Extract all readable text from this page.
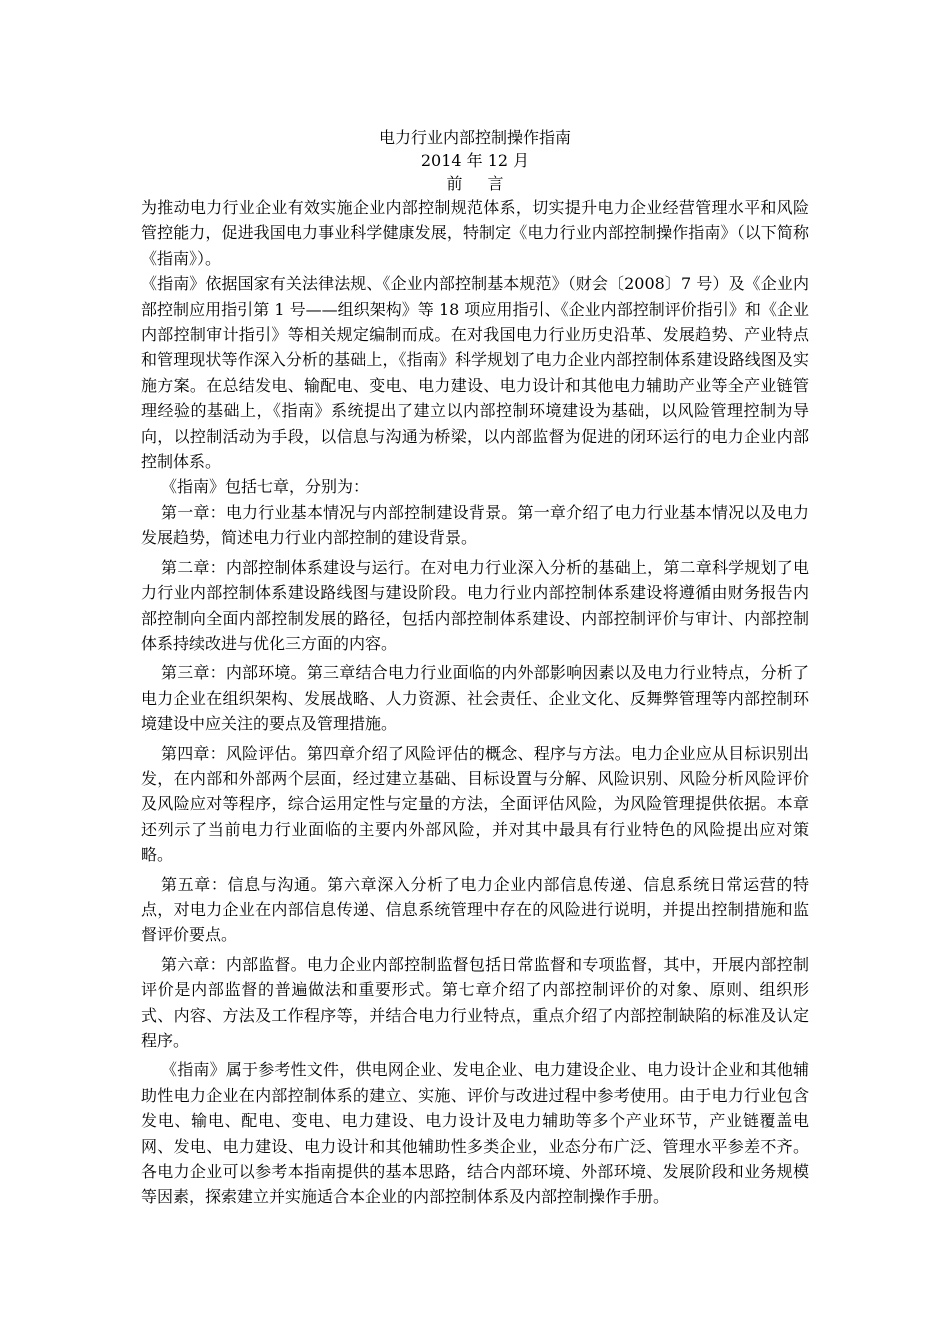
电力行业内部控制操作指南

2014 年 12 月

前 言

为推动电力行业企业有效实施企业内部控制规范体系，切实提升电力企业经营管理水平和风险管控能力，促进我国电力事业科学健康发展，特制定《电力行业内部控制操作指南》（以下简称《指南》）。

《指南》依据国家有关法律法规、《企业内部控制基本规范》（财会〔2008〕7 号）及《企业内部控制应用指引第 1 号——组织架构》等 18 项应用指引、《企业内部控制评价指引》和《企业内部控制审计指引》等相关规定编制而成。在对我国电力行业历史沿革、发展趋势、产业特点和管理现状等作深入分析的基础上，《指南》科学规划了电力企业内部控制体系建设路线图及实施方案。在总结发电、输配电、变电、电力建设、电力设计和其他电力辅助产业等全产业链管理经验的基础上，《指南》系统提出了建立以内部控制环境建设为基础，以风险管理控制为导向，以控制活动为手段，以信息与沟通为桥梁，以内部监督为促进的闭环运行的电力企业内部控制体系。

《指南》包括七章，分别为：

第一章：电力行业基本情况与内部控制建设背景。第一章介绍了电力行业基本情况以及电力发展趋势，简述电力行业内部控制的建设背景。

第二章：内部控制体系建设与运行。在对电力行业深入分析的基础上，第二章科学规划了电力行业内部控制体系建设路线图与建设阶段。电力行业内部控制体系建设将遵循由财务报告内部控制向全面内部控制发展的路径，包括内部控制体系建设、内部控制评价与审计、内部控制体系持续改进与优化三方面的内容。

第三章：内部环境。第三章结合电力行业面临的内外部影响因素以及电力行业特点，分析了电力企业在组织架构、发展战略、人力资源、社会责任、企业文化、反舞弊管理等内部控制环境建设中应关注的要点及管理措施。

第四章：风险评估。第四章介绍了风险评估的概念、程序与方法。电力企业应从目标识别出发，在内部和外部两个层面，经过建立基础、目标设置与分解、风险识别、风险分析风险评价及风险应对等程序，综合运用定性与定量的方法，全面评估风险，为风险管理提供依据。本章还列示了当前电力行业面临的主要内外部风险，并对其中最具有行业特色的风险提出应对策略。

第五章：信息与沟通。第六章深入分析了电力企业内部信息传递、信息系统日常运营的特点，对电力企业在内部信息传递、信息系统管理中存在的风险进行说明，并提出控制措施和监督评价要点。

第六章：内部监督。电力企业内部控制监督包括日常监督和专项监督，其中，开展内部控制评价是内部监督的普遍做法和重要形式。第七章介绍了内部控制评价的对象、原则、组织形式、内容、方法及工作程序等，并结合电力行业特点，重点介绍了内部控制缺陷的标准及认定程序。

《指南》属于参考性文件，供电网企业、发电企业、电力建设企业、电力设计企业和其他辅助性电力企业在内部控制体系的建立、实施、评价与改进过程中参考使用。由于电力行业包含发电、输电、配电、变电、电力建设、电力设计及电力辅助等多个产业环节，产业链覆盖电网、发电、电力建设、电力设计和其他辅助性多类企业，业态分布广泛、管理水平参差不齐。各电力企业可以参考本指南提供的基本思路，结合内部环境、外部环境、发展阶段和业务规模等因素，探索建立并实施适合本企业的内部控制体系及内部控制操作手册。
